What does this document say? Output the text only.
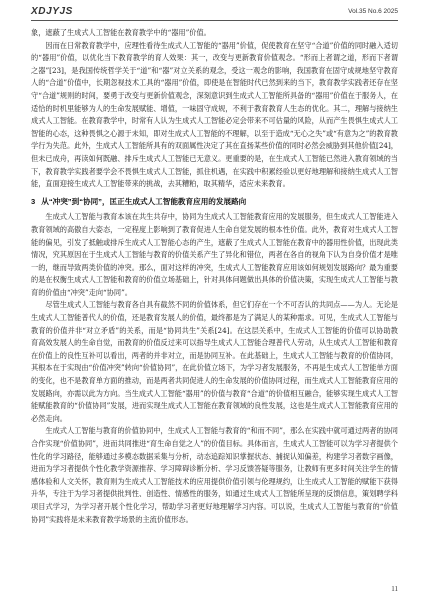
XDJYJS	Vol.35 No.6 2025

象，遮蔽了生成式人工智能在教育教学中的“器用”价值。

因而在日常教育教学中，应理性看待生成式人工智能的“器用”价值，促使教育在坚守“合道”价值的同时融入适切的“器用”价值，以优化当下教育教学的育人效果：其一，改变与更新教育价值观念。“形而上者谓之道，形而下者谓之器”[23]，是我国传统哲学关于“道”和“器”对立关系的观念，受这一观念的影响，我国教育在固守成规地坚守教育人的“合道”价值中，长期忽视技术工具的“器用”价值，即使是在智能时代已然到来的当下，教育教学实践者还存在坚守“合道”规则的时间，要勇于改变与更新价值观念，深刻意识到生成式人工智能所具备的“器用”价值在于服务人，在适恰的时机里能够为人的生命发展赋能、增值，一味固守成规，不利于教育教育人生态的优化。其二，理解与接纳生成式人工智能。在教育教学中，时常有人认为生成式人工智能必定会带来不可估量的风险，从而产生畏惧生成式人工智能的心态，这种畏惧之心源于未知，即对生成式人工智能的不理解，以至于造成“无心之失”或“有意为之”的教育教学行为失范。此外，生成式人工智能所具有的双面属性决定了其在直扬某些价值的同时必然会威胁到其他价值[24]，但未已成舟，再读如何既融、排斥生成式人工智能已无意义。更重要的是，在生成式人工智能已然进入教育领域的当下，教育教学实践者要学会不畏惧生成式人工智能，抓住机遇，在实践中积累经验以更好地理解和接纳生成式人工智能，直面迎接生成式人工智能带来的挑战，去其糟粕，取其精华，适应未来教育。

3 从“冲突”到“协同”，匡正生成式人工智能教育应用的发展路向

生成式人工智能与教育本该在共生共存中，协同为生成式人工智能教育应用的发展服务，但生成式人工智能进入教育领域的高傲自大姿态，一定程度上影响到了教育促进人生命自觉发展的根本性价值。此外，教育对生成式人工智能的偏见，引发了抵触或排斥生成式人工智能心态的产生，遮蔽了生成式人工智能在教育中的器用性价值，出现此类情况，究其原因在于生成式人工智能与教育的价值关系产生了异化和错位，两者在各自的视角下认为自身价值才是唯一的，继而导致两类价值的冲突。那么，面对这样的冲突，生成式人工智能教育应用该如何规划发展路向？最为重要的是在权衡生成式人工智能和教育的价值立场基础上，针对具体问题做出具体的价值决策，实现生成式人工智能与教育的价值由“冲突”走向“协同”。

尽管生成式人工智能与教育各自具有截然不同的价值体系，但它们存在一个不可否认的共同点——为人。无论是生成式人工智能普代人的价值，还是教育发展人的价值，最终都是为了满足人的某种需求。可见，生成式人工智能与教育的价值并非“对立矛盾”的关系，而是“协同共生”关系[24]。在这层关系中，生成式人工智能的价值可以协助教育高效发展人的生命自觉，而教育的价值反过来可以指导生成式人工智能合理普代人劳动，从生成式人工智能和教育在价值上的良性互补可以看出，两者的并非对立，而是协同互补。在此基础上，生成式人工智能与教育的价值协同，其根本在于实现由“价值冲突”转向“价值协同”，在此价值立场下，为学习者发展服务，不再是生成式人工智能单方面的变化，也不是教育单方面的推动，而是两者共同促进人的生命发展的价值协同过程，而生成式人工智能教育应用的发展路向，亦需以此为方向。当生成式人工智能“器用”的价值与教育“合道”的价值相互融合，能够实现生成式人工智能赋能教育的“价值协同”发展，进而实现生成式人工智能在教育领域的良性发展，这也是生成式人工智能教育应用的必然走向。

生成式人工智能与教育的价值协同中，生成式人工智能与教育的“和而不同”，那么在实践中就可通过两者的协同合作实现“价值协同”，进而共同推进“育生命自觉之人”的价值目标。具体而言，生成式人工智能可以为学习者提供个性化的学习路径，能够通过多模态数据采集与分析，动态追踪知识掌握状态、捕捉认知偏差，构建学习者数字画像，进而为学习者提供个性化教学资源推荐、学习障碍诊断分析、学习反馈答疑等服务，让教师有更多时间关注学生的情感体验和人文关怀，教育则为生成式人工智能技术的应用提供价值引领与伦理规约，让生成式人工智能的赋能下获得升华，专注于为学习者提供批判性、创造性、情感性的服务，如通过生成式人工智能所呈现的反馈信息，策划聘学科项目式学习，为学习者开展个性化学习，帮助学习者更好地理解学习内容。可以说，生成式人工智能与教育的“价值协同”实践将是未来教育教学场景的主流价值形态。

11
